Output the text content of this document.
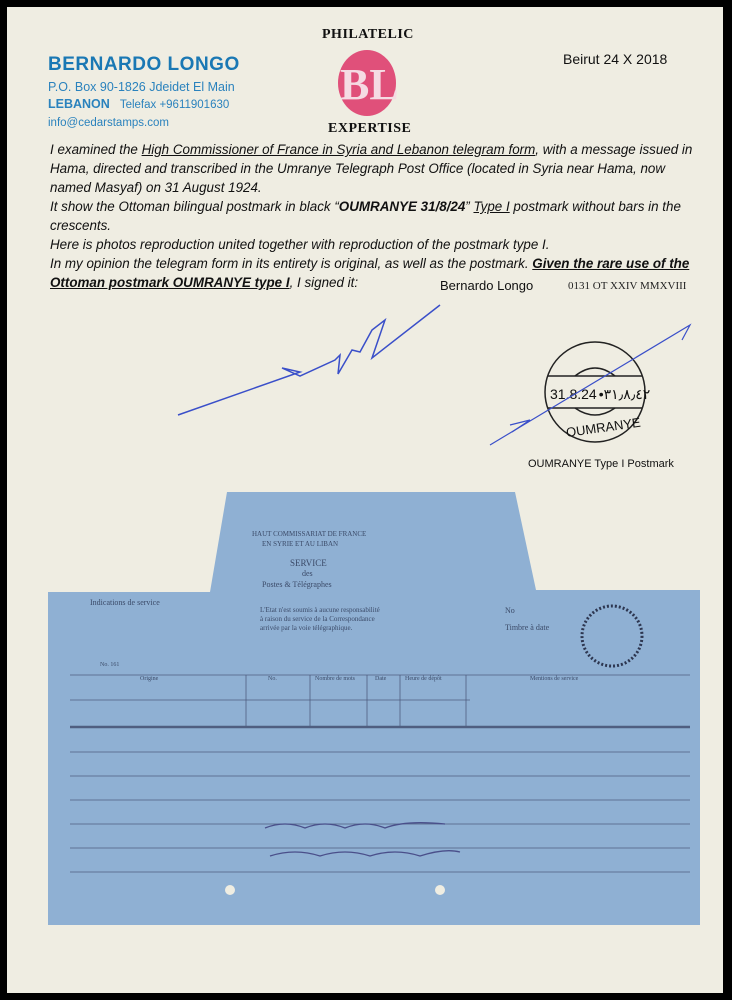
BERNARDO LONGO
P.O. Box 90-1826 Jdeidet El Main
LEBANON Telefax +9611901630
info@cedarstamps.com
PHILATELIC
BL
EXPERTISE
Beirut 24 X 2018

I examined the High Commissioner of France in Syria and Lebanon telegram form, with a message issued in Hama, directed and transcribed in the Umranye Telegraph Post Office (located in Syria near Hama, now named Masyaf) on 31 August 1924.

It show the Ottoman bilingual postmark in black “OUMRANYE 31/8/24” Type I postmark without bars in the crescents.

Here is photos reproduction united together with reproduction of the postmark type I.

In my opinion the telegram form in its entirety is original, as well as the postmark. Given the rare use of the Ottoman postmark OUMRANYE type I, I signed it:	Bernardo Longo	0131 OT XXIV MMXVIII
31.8.24 •٣١٫٨٫٤٢
OUMRANYE
OUMRANYE Type I Postmark
HAUT COMMISSARIAT DE FRANCE
EN SYRIE ET AU LIBAN
SERVICE
des
Postes & Télégraphes
L'Etat n'est soumis à aucune responsabilité
à raison du service de la Correspondance
arrivée par la voie télégraphique.
Indications de service
No
Timbre à date
No. 161
Origine	No.	Nombre de mots	Date	Heure de dépôt	Mentions de service
